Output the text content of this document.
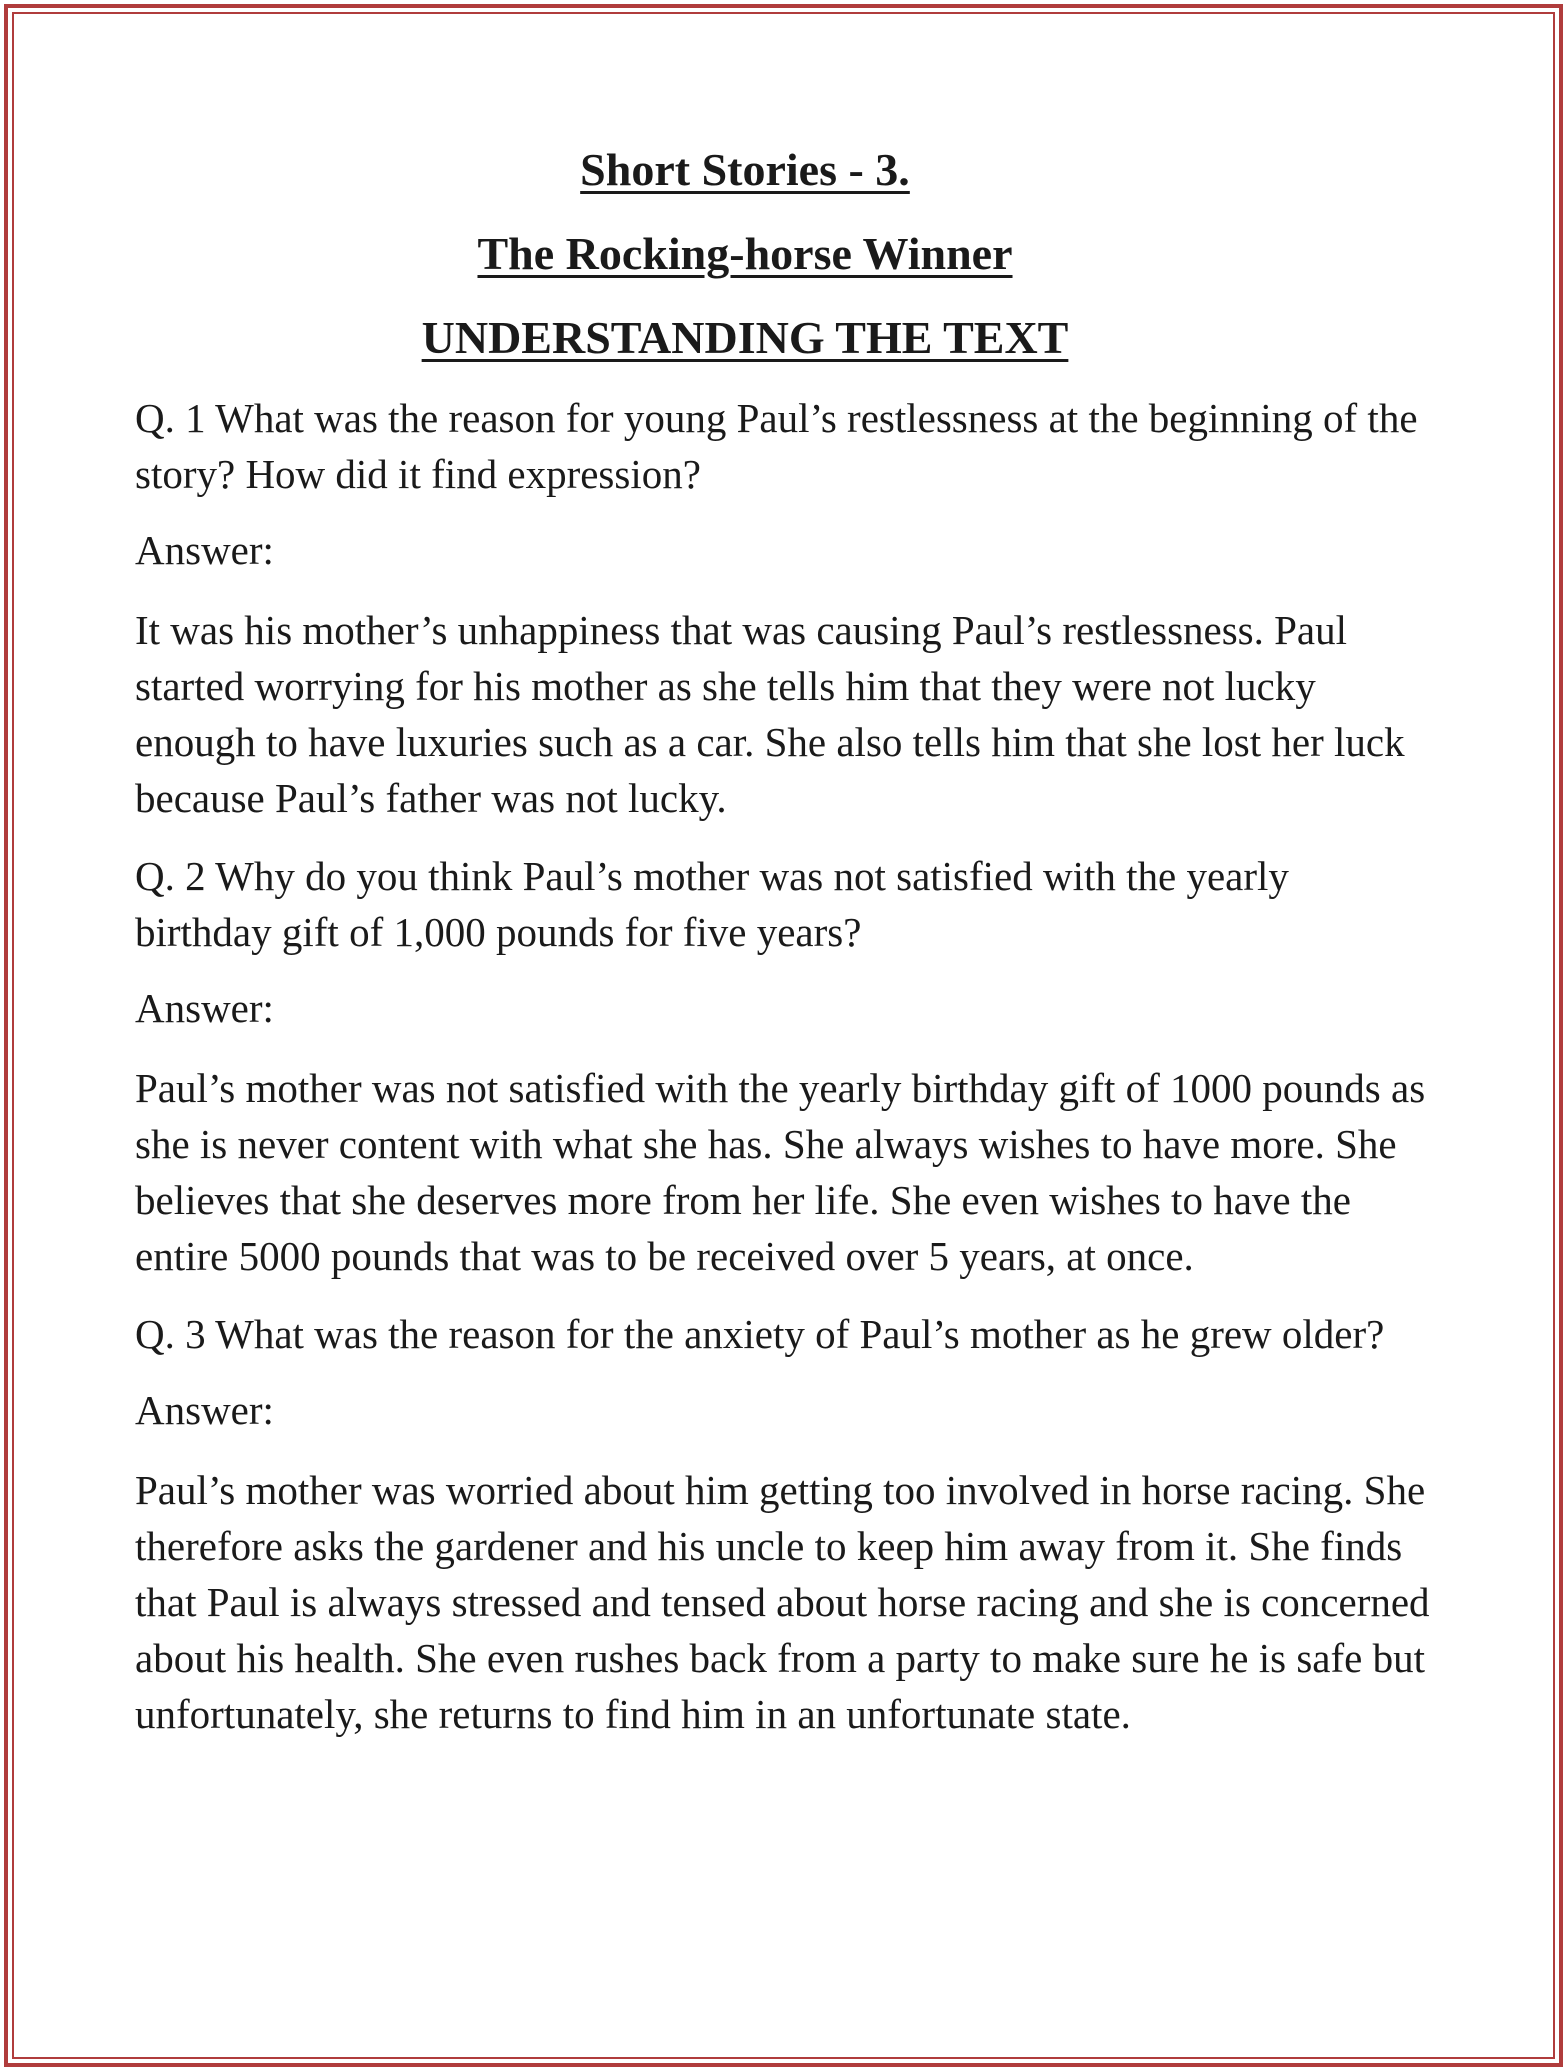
Short Stories - 3.

The Rocking-horse Winner

UNDERSTANDING THE TEXT

Q. 1 What was the reason for young Paul’s restlessness at the beginning of the story? How did it find expression?

Answer:

It was his mother’s unhappiness that was causing Paul’s restlessness. Paul started worrying for his mother as she tells him that they were not lucky enough to have luxuries such as a car. She also tells him that she lost her luck because Paul’s father was not lucky.

Q. 2 Why do you think Paul’s mother was not satisfied with the yearly birthday gift of 1,000 pounds for five years?

Answer:

Paul’s mother was not satisfied with the yearly birthday gift of 1000 pounds as she is never content with what she has. She always wishes to have more. She believes that she deserves more from her life. She even wishes to have the entire 5000 pounds that was to be received over 5 years, at once.

Q. 3 What was the reason for the anxiety of Paul’s mother as he grew older?

Answer:

Paul’s mother was worried about him getting too involved in horse racing. She therefore asks the gardener and his uncle to keep him away from it. She finds that Paul is always stressed and tensed about horse racing and she is concerned about his health. She even rushes back from a party to make sure he is safe but unfortunately, she returns to find him in an unfortunate state.
